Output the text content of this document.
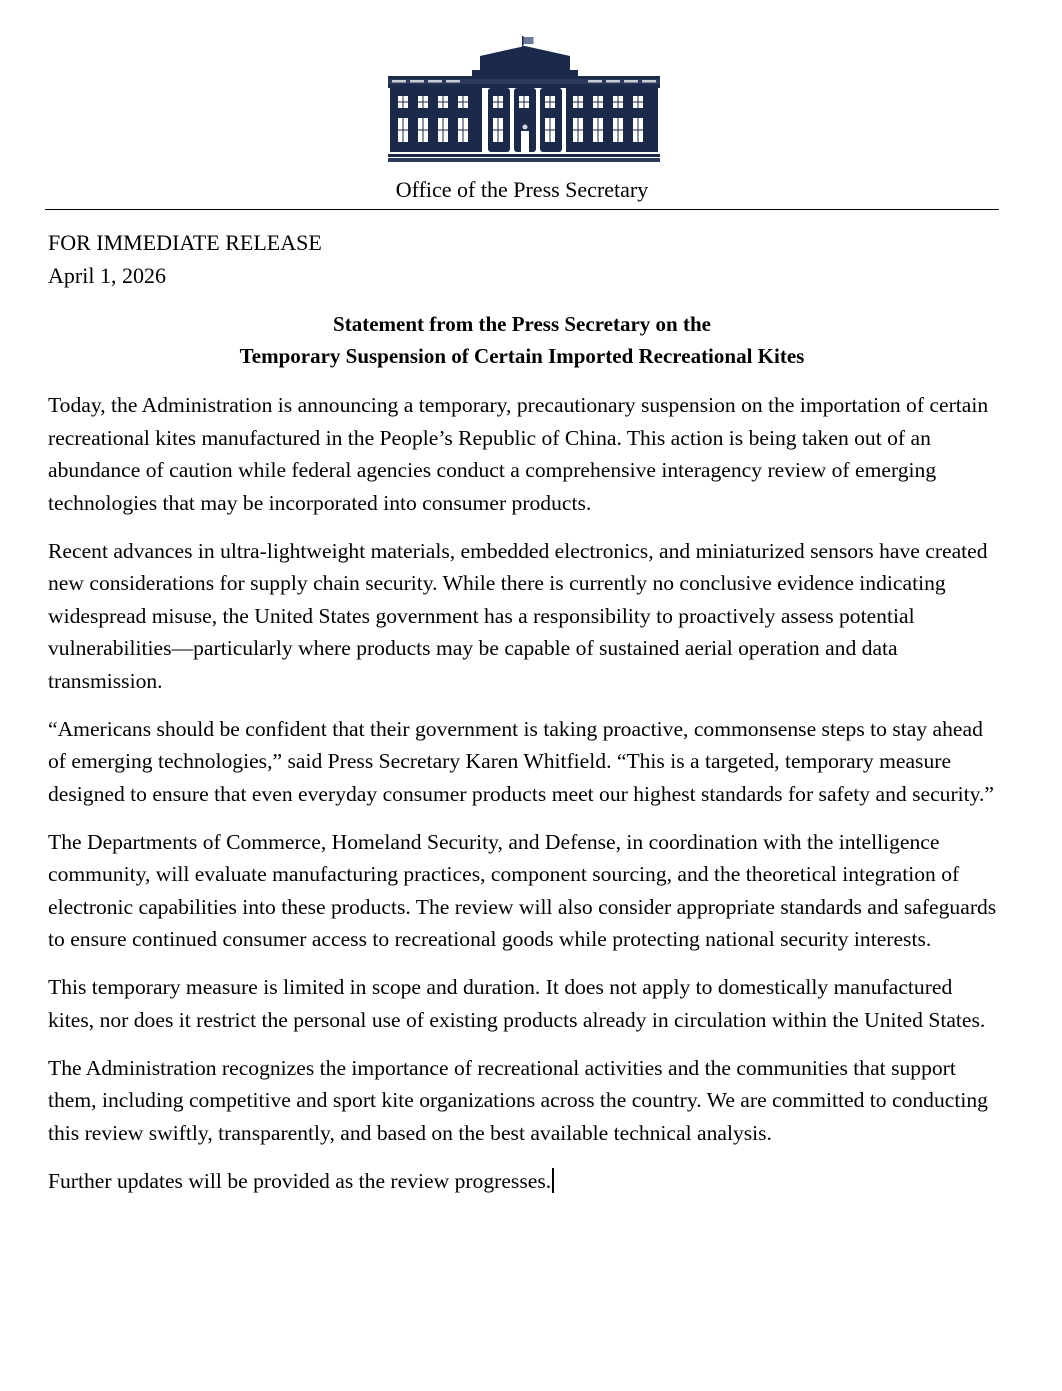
Office of the Press Secretary
FOR IMMEDIATE RELEASE
April 1, 2026
Statement from the Press Secretary on the
Temporary Suspension of Certain Imported Recreational Kites

Today, the Administration is announcing a temporary, precautionary suspension on the importation of certain recreational kites manufactured in the People’s Republic of China. This action is being taken out of an abundance of caution while federal agencies conduct a comprehensive interagency review of emerging technologies that may be incorporated into consumer products.

Recent advances in ultra-lightweight materials, embedded electronics, and miniaturized sensors have created new considerations for supply chain security. While there is currently no conclusive evidence indicating widespread misuse, the United States government has a responsibility to proactively assess potential vulnerabilities—particularly where products may be capable of sustained aerial operation and data transmission.

“Americans should be confident that their government is taking proactive, commonsense steps to stay ahead of emerging technologies,” said Press Secretary Karen Whitfield. “This is a targeted, temporary measure designed to ensure that even everyday consumer products meet our highest standards for safety and security.”

The Departments of Commerce, Homeland Security, and Defense, in coordination with the intelligence community, will evaluate manufacturing practices, component sourcing, and the theoretical integration of electronic capabilities into these products. The review will also consider appropriate standards and safeguards to ensure continued consumer access to recreational goods while protecting national security interests.

This temporary measure is limited in scope and duration. It does not apply to domestically manufactured kites, nor does it restrict the personal use of existing products already in circulation within the United States.

The Administration recognizes the importance of recreational activities and the communities that support them, including competitive and sport kite organizations across the country. We are committed to conducting this review swiftly, transparently, and based on the best available technical analysis.

Further updates will be provided as the review progresses.
